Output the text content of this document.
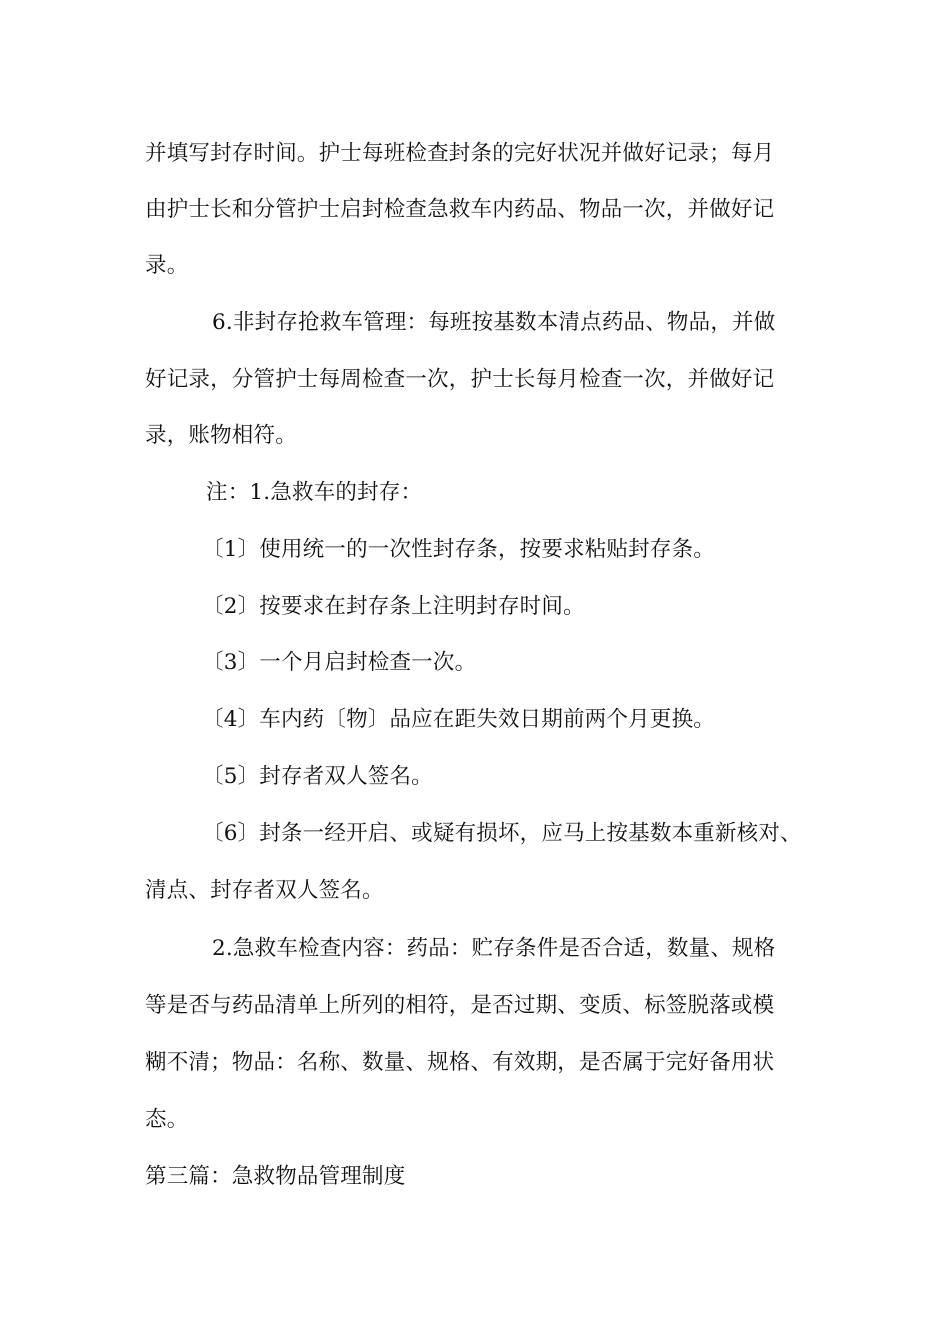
并填写封存时间。护士每班检查封条的完好状况并做好记录；每月
由护士长和分管护士启封检查急救车内药品、物品一次，并做好记
录。
6.非封存抢救车管理：每班按基数本清点药品、物品，并做
好记录，分管护士每周检查一次，护士长每月检查一次，并做好记
录，账物相符。
注：1.急救车的封存：
〔1〕使用统一的一次性封存条，按要求粘贴封存条。
〔2〕按要求在封存条上注明封存时间。
〔3〕一个月启封检查一次。
〔4〕车内药〔物〕品应在距失效日期前两个月更换。
〔5〕封存者双人签名。
〔6〕封条一经开启、或疑有损坏，应马上按基数本重新核对、
清点、封存者双人签名。
2.急救车检查内容：药品：贮存条件是否合适，数量、规格
等是否与药品清单上所列的相符，是否过期、变质、标签脱落或模
糊不清；物品：名称、数量、规格、有效期，是否属于完好备用状
态。
第三篇：急救物品管理制度
